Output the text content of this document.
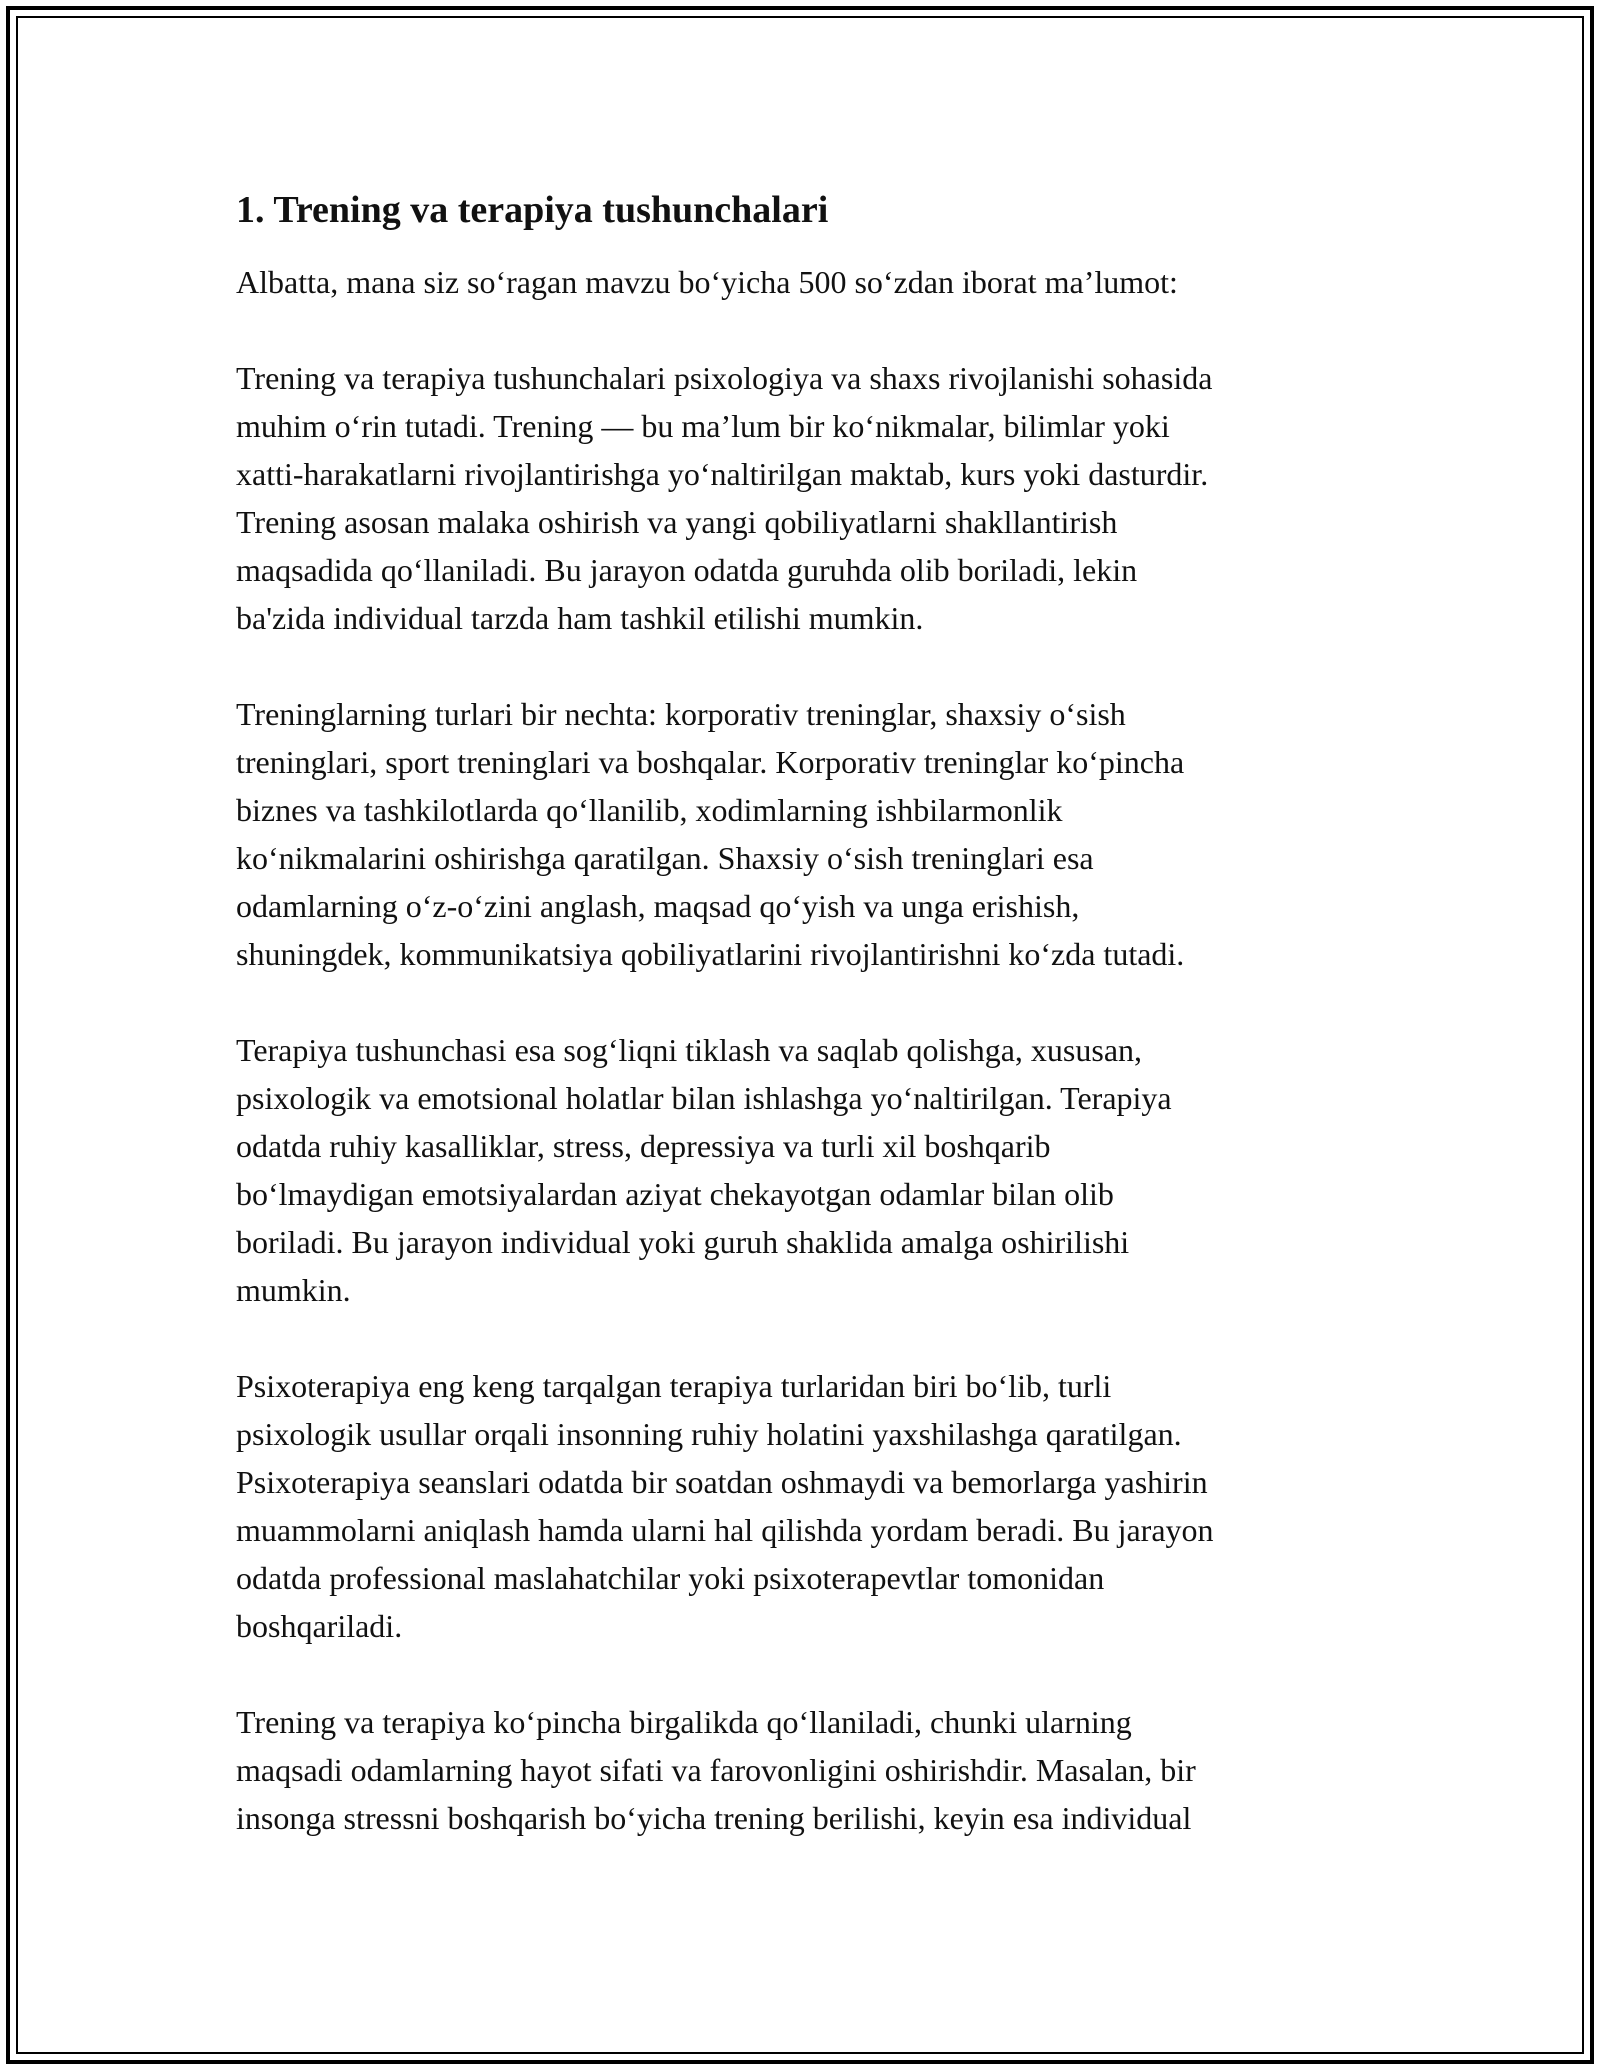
1. Trening va terapiya tushunchalari

Albatta, mana siz so‘ragan mavzu bo‘yicha 500 so‘zdan iborat ma’lumot:

Trening va terapiya tushunchalari psixologiya va shaxs rivojlanishi sohasida
muhim o‘rin tutadi. Trening — bu ma’lum bir ko‘nikmalar, bilimlar yoki
xatti-harakatlarni rivojlantirishga yo‘naltirilgan maktab, kurs yoki dasturdir.
Trening asosan malaka oshirish va yangi qobiliyatlarni shakllantirish
maqsadida qo‘llaniladi. Bu jarayon odatda guruhda olib boriladi, lekin
ba'zida individual tarzda ham tashkil etilishi mumkin.

Treninglarning turlari bir nechta: korporativ treninglar, shaxsiy o‘sish
treninglari, sport treninglari va boshqalar. Korporativ treninglar ko‘pincha
biznes va tashkilotlarda qo‘llanilib, xodimlarning ishbilarmonlik
ko‘nikmalarini oshirishga qaratilgan. Shaxsiy o‘sish treninglari esa
odamlarning o‘z-o‘zini anglash, maqsad qo‘yish va unga erishish,
shuningdek, kommunikatsiya qobiliyatlarini rivojlantirishni ko‘zda tutadi.

Terapiya tushunchasi esa sog‘liqni tiklash va saqlab qolishga, xususan,
psixologik va emotsional holatlar bilan ishlashga yo‘naltirilgan. Terapiya
odatda ruhiy kasalliklar, stress, depressiya va turli xil boshqarib
bo‘lmaydigan emotsiyalardan aziyat chekayotgan odamlar bilan olib
boriladi. Bu jarayon individual yoki guruh shaklida amalga oshirilishi
mumkin.

Psixoterapiya eng keng tarqalgan terapiya turlaridan biri bo‘lib, turli
psixologik usullar orqali insonning ruhiy holatini yaxshilashga qaratilgan.
Psixoterapiya seanslari odatda bir soatdan oshmaydi va bemorlarga yashirin
muammolarni aniqlash hamda ularni hal qilishda yordam beradi. Bu jarayon
odatda professional maslahatchilar yoki psixoterapevtlar tomonidan
boshqariladi.

Trening va terapiya ko‘pincha birgalikda qo‘llaniladi, chunki ularning
maqsadi odamlarning hayot sifati va farovonligini oshirishdir. Masalan, bir
insonga stressni boshqarish bo‘yicha trening berilishi, keyin esa individual
